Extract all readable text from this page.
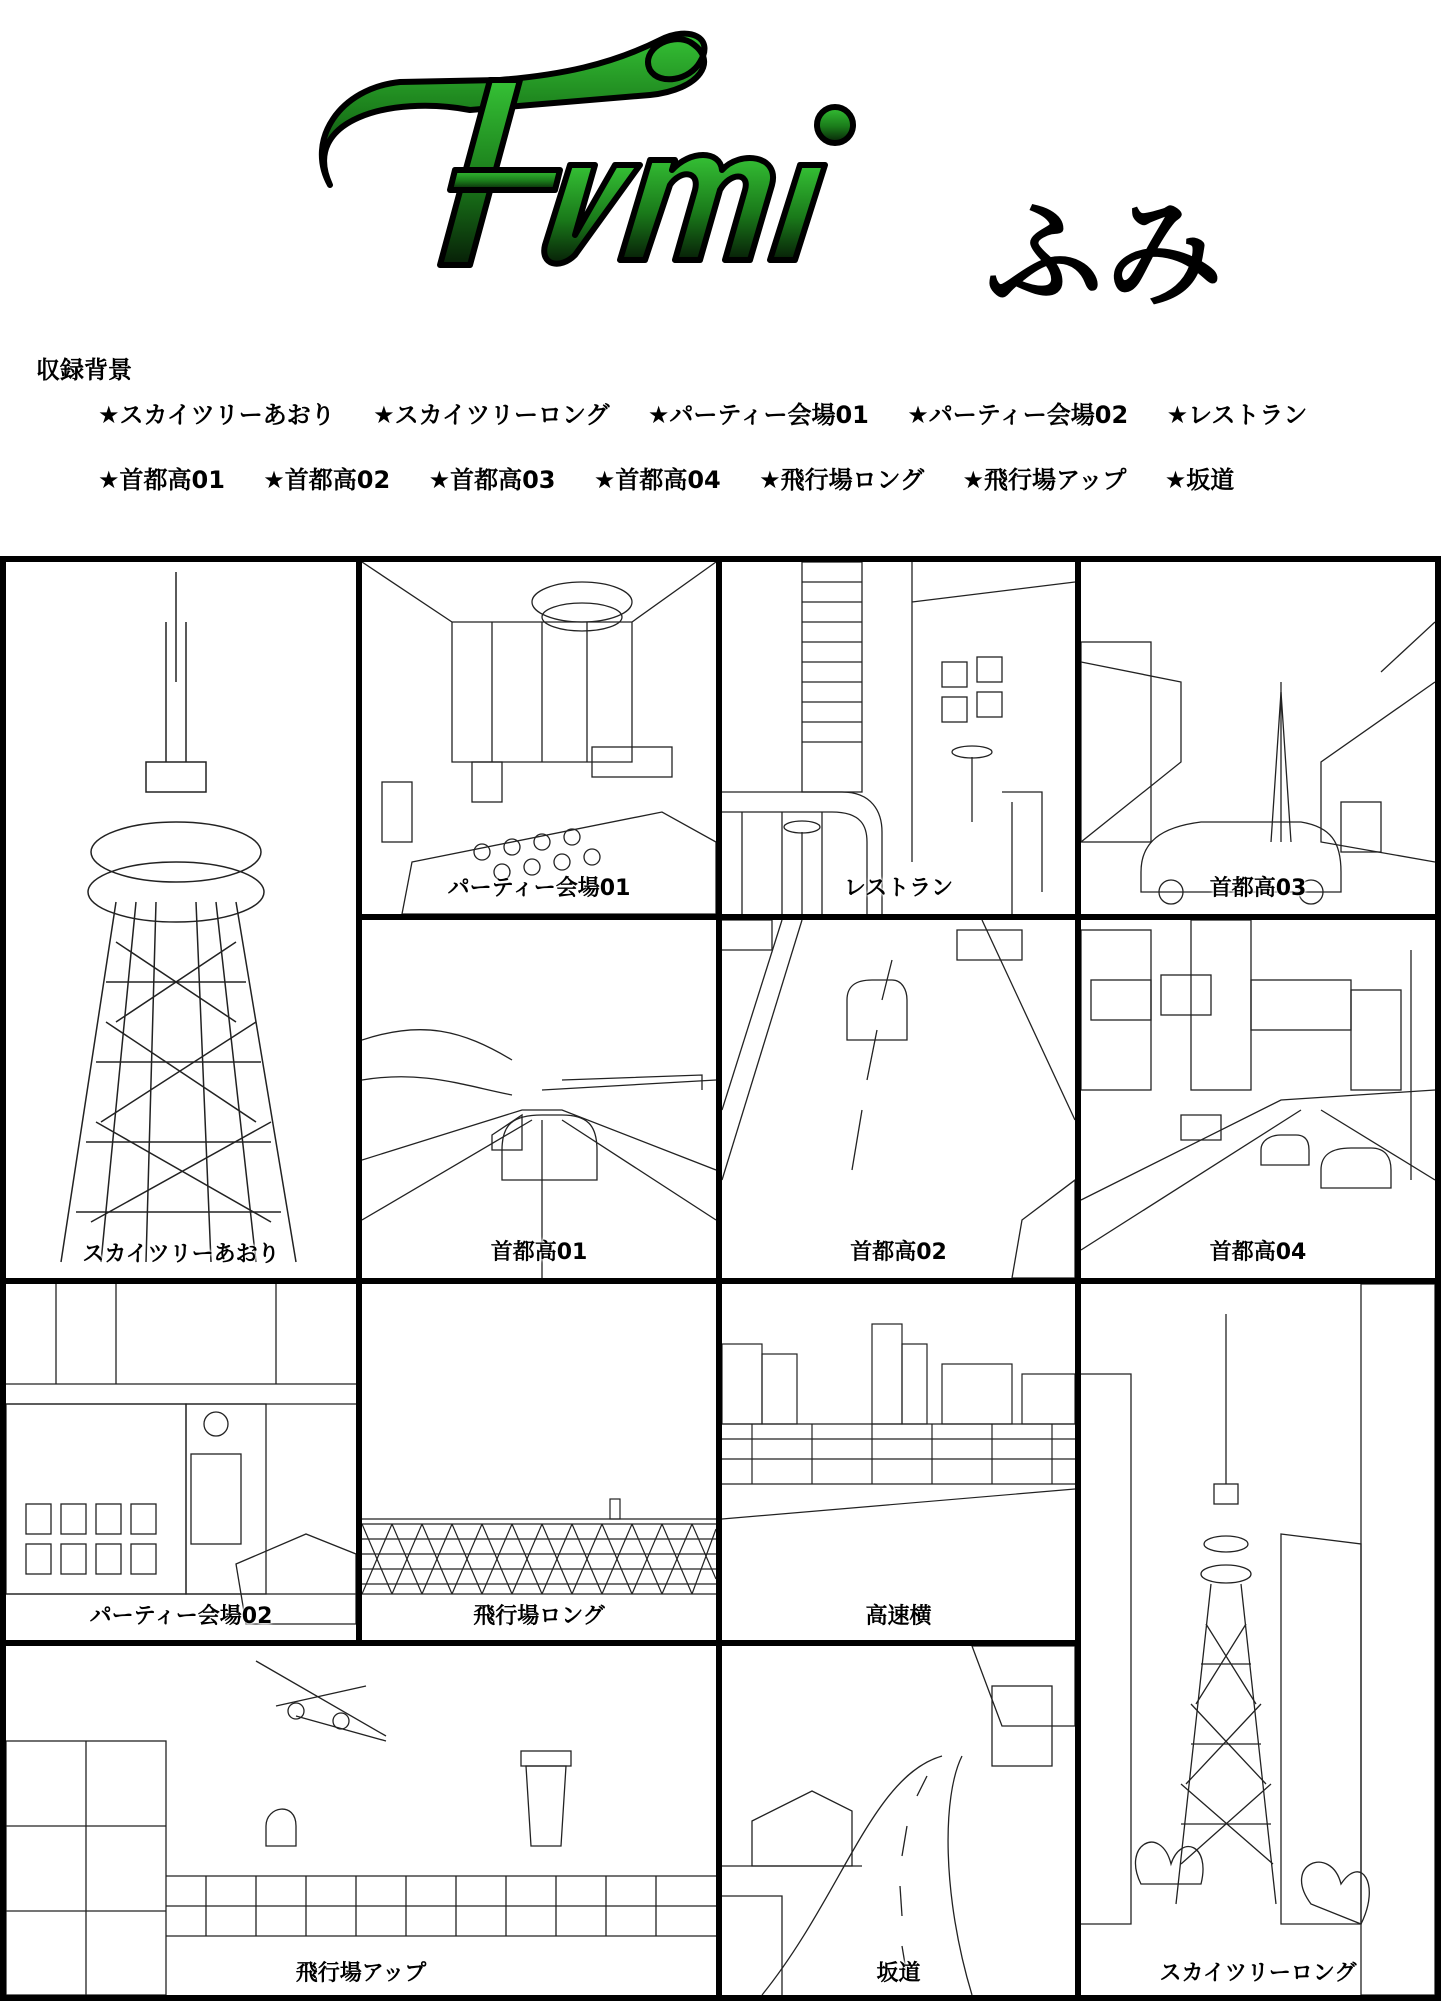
ふみ
収録背景
★スカイツリーあおり ★スカイツリーロング ★パーティー会場01 ★パーティー会場02 ★レストラン
★首都高01 ★首都高02 ★首都高03 ★首都高04 ★飛行場ロング ★飛行場アップ ★坂道
スカイツリーあおり
パーティー会場01	レストラン	首都高03
首都高01	首都高02	首都高04
パーティー会場02	飛行場ロング	高速横
スカイツリーロング
飛行場アップ	坂道
